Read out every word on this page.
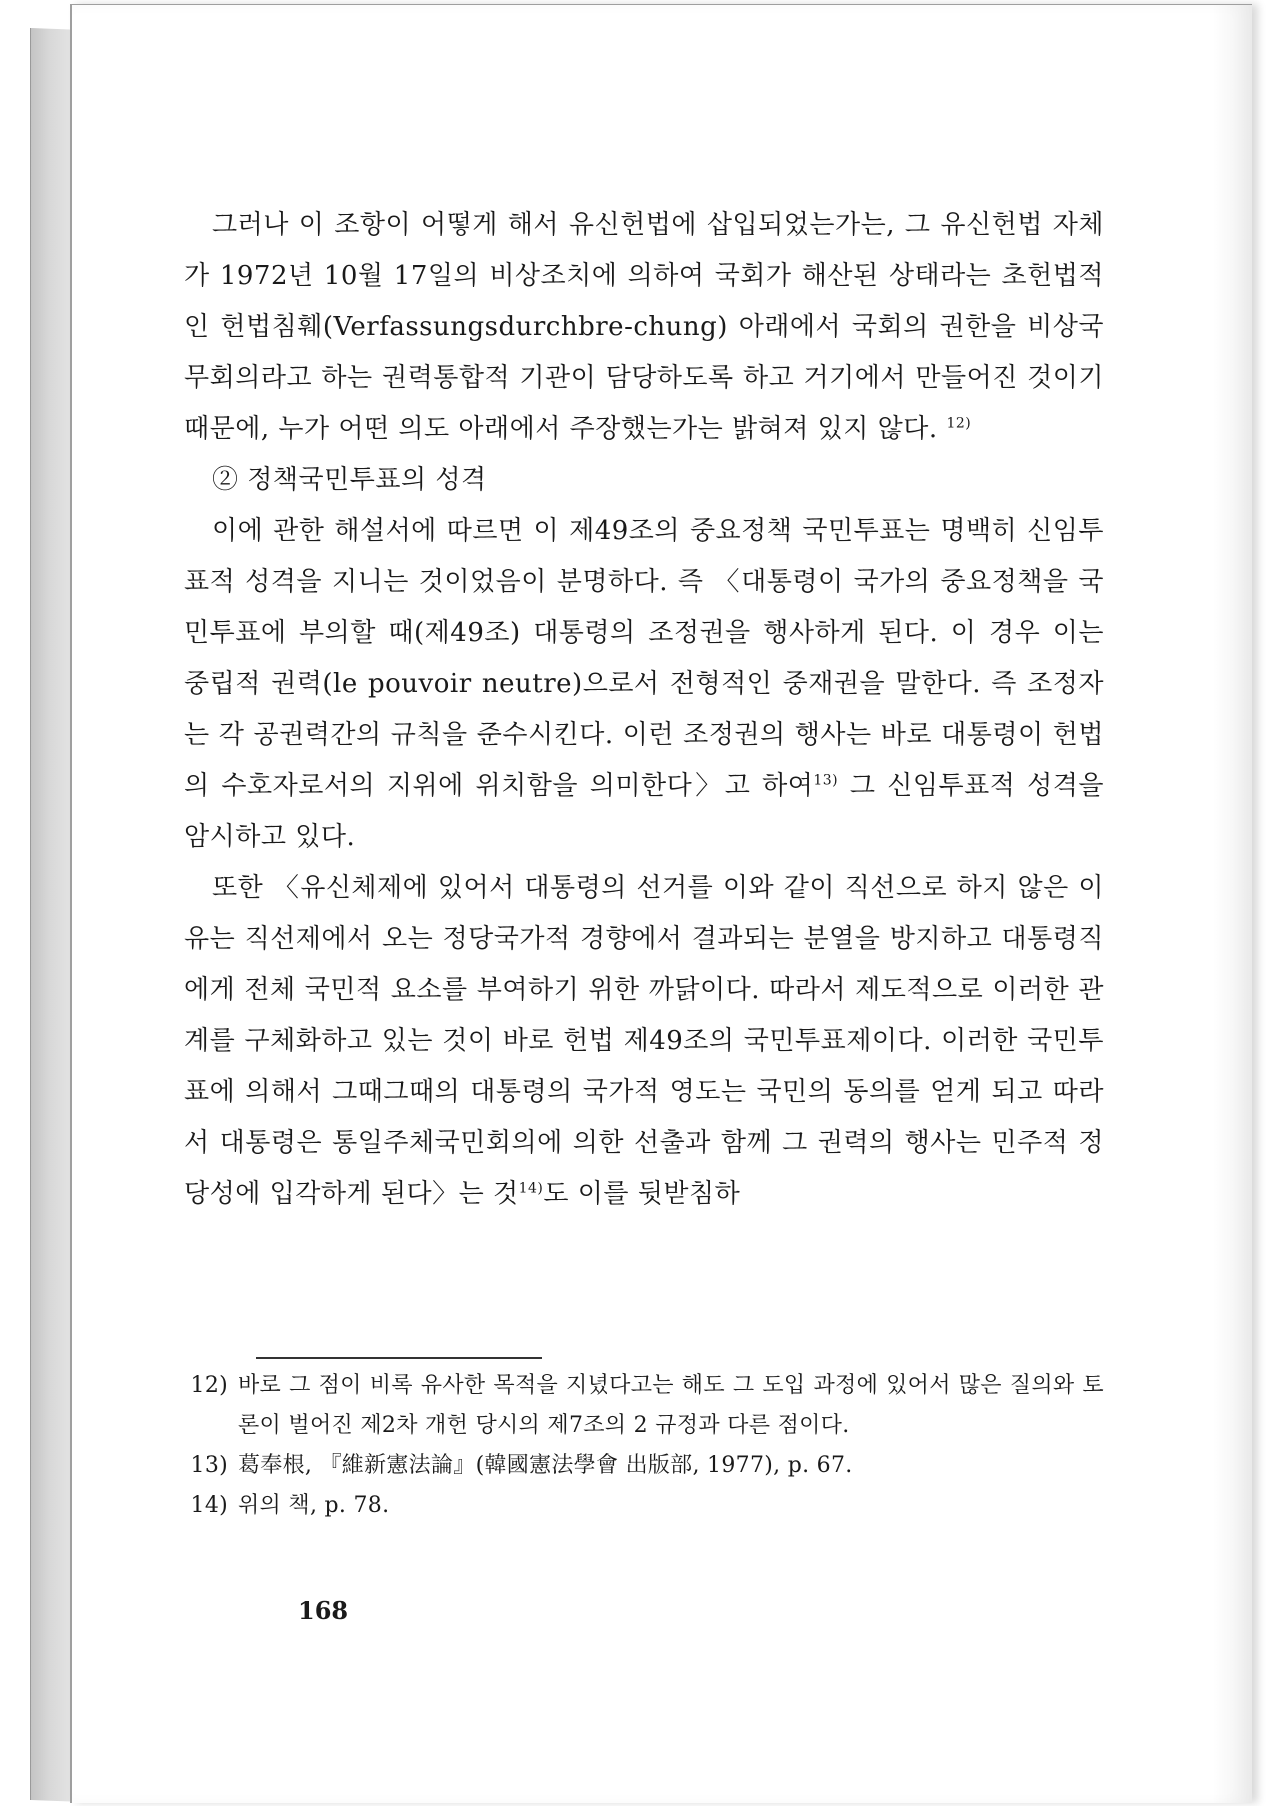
그러나 이 조항이 어떻게 해서 유신헌법에 삽입되었는가는, 그 유신헌법 자체가 1972년 10월 17일의 비상조치에 의하여 국회가 해산된 상태라는 초헌법적인 헌법침훼(Verfassungsdurchbre-chung) 아래에서 국회의 권한을 비상국무회의라고 하는 권력통합적 기관이 담당하도록 하고 거기에서 만들어진 것이기 때문에, 누가 어떤 의도 아래에서 주장했는가는 밝혀져 있지 않다. $^{12)}$

② 정책국민투표의 성격

이에 관한 해설서에 따르면 이 제49조의 중요정책 국민투표는 명백히 신임투표적 성격을 지니는 것이었음이 분명하다. 즉 〈대통령이 국가의 중요정책을 국민투표에 부의할 때(제49조) 대통령의 조정권을 행사하게 된다. 이 경우 이는 중립적 권력(le pouvoir neutre)으로서 전형적인 중재권을 말한다. 즉 조정자는 각 공권력간의 규칙을 준수시킨다. 이런 조정권의 행사는 바로 대통령이 헌법의 수호자로서의 지위에 위치함을 의미한다〉고 하여$^{13)}$ 그 신임투표적 성격을 암시하고 있다.

또한 〈유신체제에 있어서 대통령의 선거를 이와 같이 직선으로 하지 않은 이유는 직선제에서 오는 정당국가적 경향에서 결과되는 분열을 방지하고 대통령직에게 전체 국민적 요소를 부여하기 위한 까닭이다. 따라서 제도적으로 이러한 관계를 구체화하고 있는 것이 바로 헌법 제49조의 국민투표제이다. 이러한 국민투표에 의해서 그때그때의 대통령의 국가적 영도는 국민의 동의를 얻게 되고 따라서 대통령은 통일주체국민회의에 의한 선출과 함께 그 권력의 행사는 민주적 정당성에 입각하게 된다〉는 것$^{14)}$도 이를 뒷받침하

12) 바로 그 점이 비록 유사한 목적을 지녔다고는 해도 그 도입 과정에 있어서 많은 질의와 토론이 벌어진 제2차 개헌 당시의 제7조의 2 규정과 다른 점이다.
13) 葛奉根, 『維新憲法論』(韓國憲法學會 出版部, 1977), p. 67.
14) 위의 책, p. 78.
168
